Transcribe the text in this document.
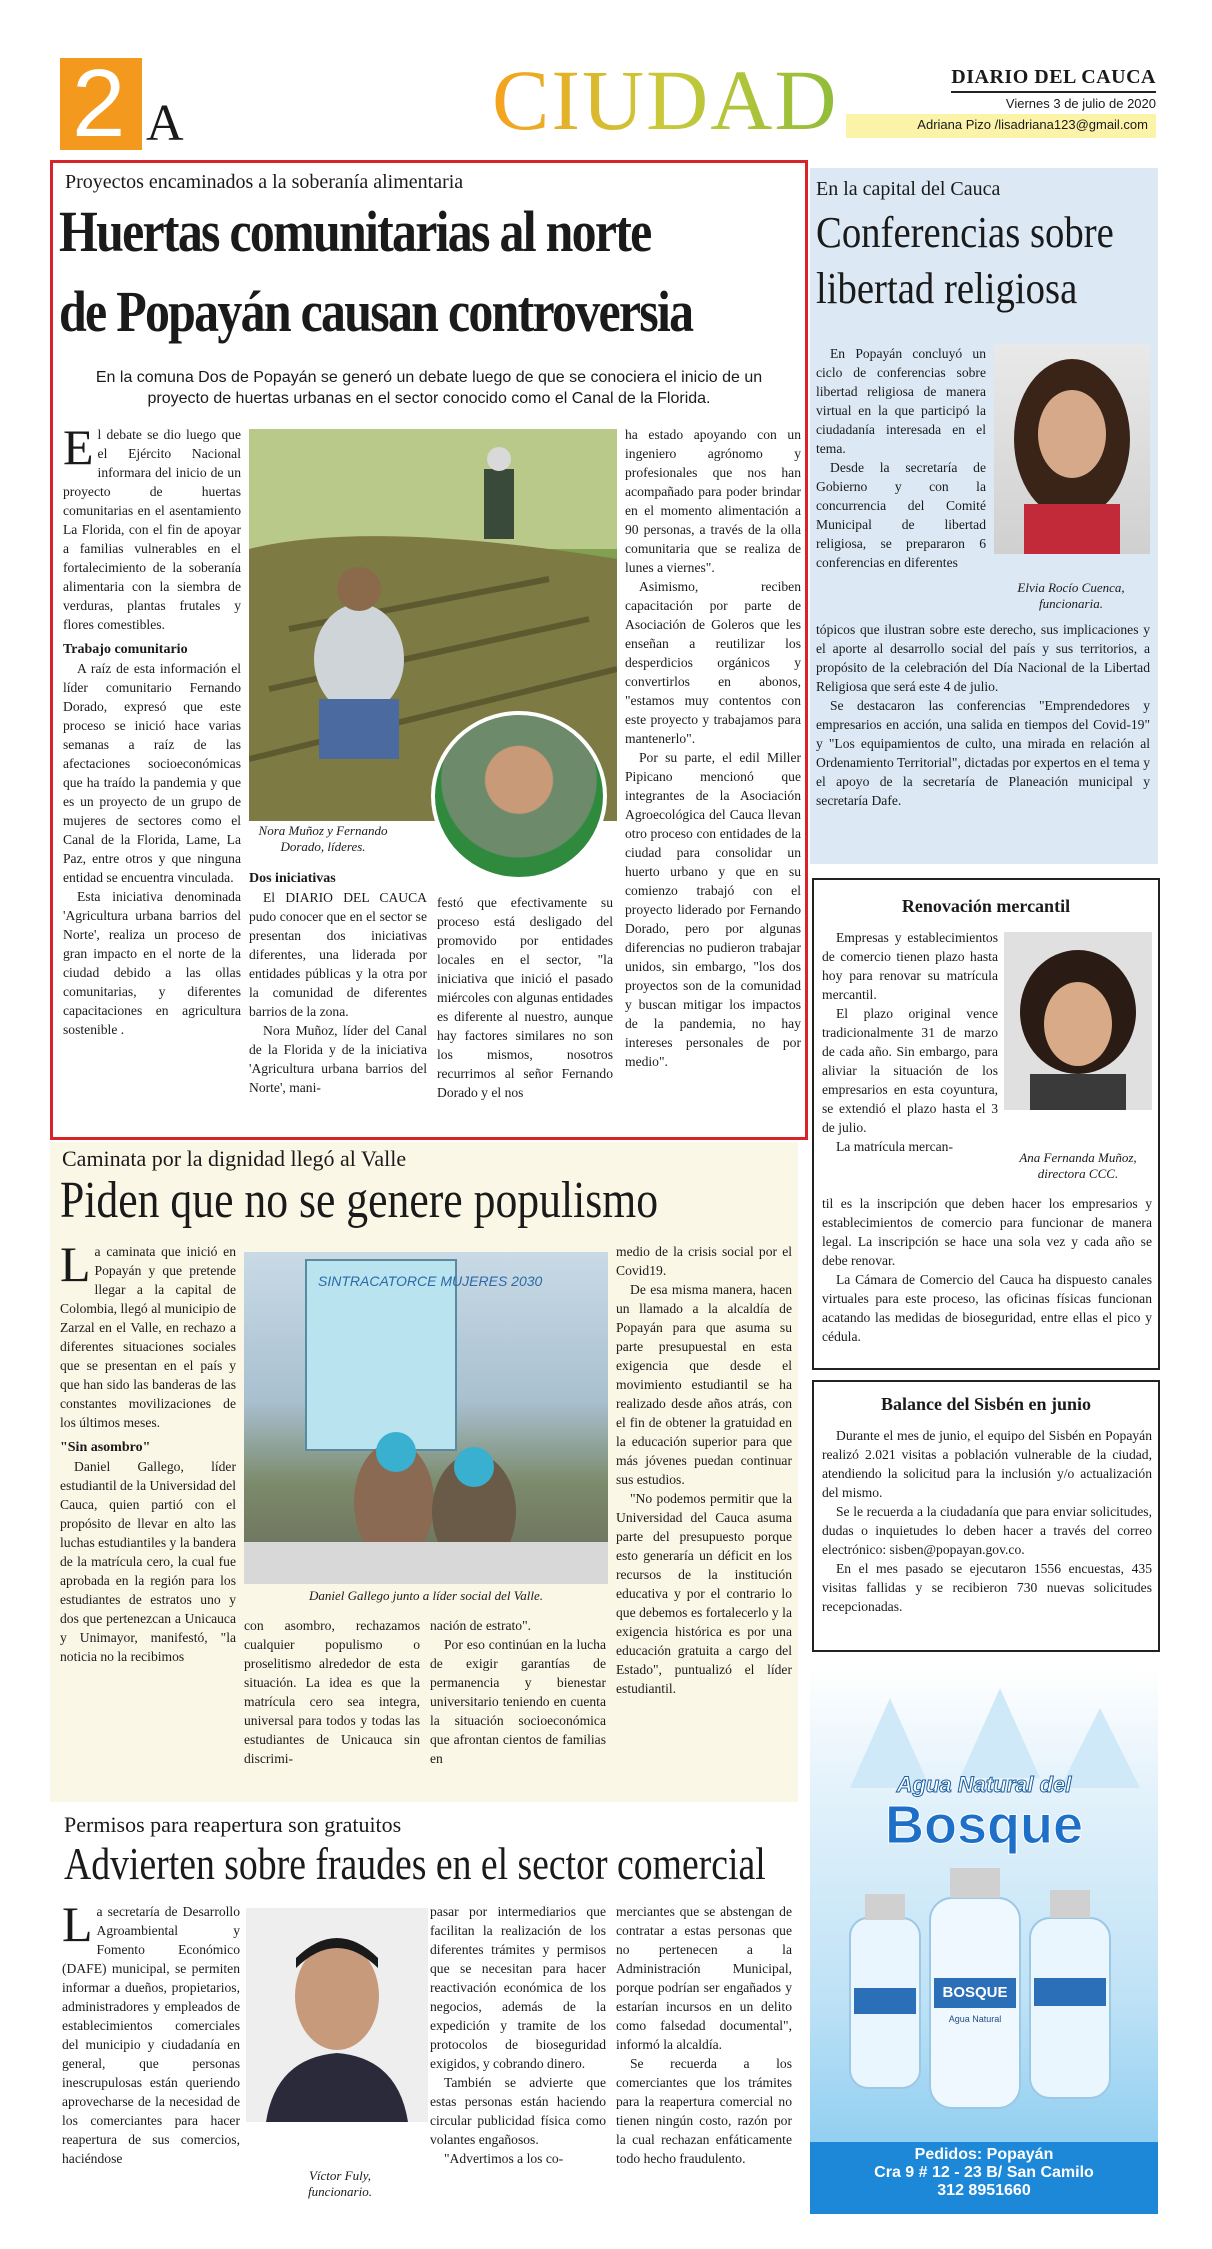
2 A	CIUDAD	DIARIO DEL CAUCA
Viernes 3 de julio de 2020
Adriana Pizo /lisadriana123@gmail.com
Proyectos encaminados a la soberanía alimentaria
Huertas comunitarias al norte
de Popayán causan controversia
En la comuna Dos de Popayán se generó un debate luego de que se conociera el inicio de un proyecto de huertas urbanas en el sector conocido como el Canal de la Florida.
E l debate se dio luego que el Ejército Nacional informara del inicio de un proyecto de huertas comunitarias en el asentamiento La Florida, con el fin de apoyar a familias vulnerables en el fortalecimiento de la soberanía alimentaria con la siembra de verduras, plantas frutales y flores comestibles.
Trabajo comunitario

A raíz de esta información el líder comunitario Fernando Dorado, expresó que este proceso se inició hace varias semanas a raíz de las afectaciones socioeconómicas que ha traído la pandemia y que es un proyecto de un grupo de mujeres de sectores como el Canal de la Florida, Lame, La Paz, entre otros y que ninguna entidad se encuentra vinculada.

Esta iniciativa denominada 'Agricultura urbana barrios del Norte', realiza un proceso de gran impacto en el norte de la ciudad debido a las ollas comunitarias, y diferentes capacitaciones en agricultura sostenible .

Nora Muñoz y Fernando Dorado, líderes.
Dos iniciativas

El DIARIO DEL CAUCA pudo conocer que en el sector se presentan dos iniciativas diferentes, una liderada por entidades públicas y la otra por la comunidad de diferentes barrios de la zona.

Nora Muñoz, líder del Canal de la Florida y de la iniciativa 'Agricultura urbana barrios del Norte', mani-

festó que efectivamente su proceso está desligado del promovido por entidades locales en el sector, "la iniciativa que inició el pasado miércoles con algunas entidades es diferente al nuestro, aunque hay factores similares no son los mismos, nosotros recurrimos al señor Fernando Dorado y el nos

ha estado apoyando con un ingeniero agrónomo y profesionales que nos han acompañado para poder brindar en el momento alimentación a 90 personas, a través de la olla comunitaria que se realiza de lunes a viernes".

Asimismo, reciben capacitación por parte de Asociación de Goleros que les enseñan a reutilizar los desperdicios orgánicos y convertirlos en abonos, "estamos muy contentos con este proyecto y trabajamos para mantenerlo".

Por su parte, el edil Miller Pipicano mencionó que integrantes de la Asociación Agroecológica del Cauca llevan otro proceso con entidades de la ciudad para consolidar un huerto urbano y que en su comienzo trabajó con el proyecto liderado por Fernando Dorado, pero por algunas diferencias no pudieron trabajar unidos, sin embargo, "los dos proyectos son de la comunidad y buscan mitigar los impactos de la pandemia, no hay intereses personales de por medio".

En la capital del Cauca
Conferencias sobre
libertad religiosa

En Popayán concluyó un ciclo de conferencias sobre libertad religiosa de manera virtual en la que participó la ciudadanía interesada en el tema.

Desde la secretaría de Gobierno y con la concurrencia del Comité Municipal de libertad religiosa, se prepararon 6 conferencias en diferentes

Elvia Rocío Cuenca, funcionaria.

tópicos que ilustran sobre este derecho, sus implicaciones y el aporte al desarrollo social del país y sus territorios, a propósito de la celebración del Día Nacional de la Libertad Religiosa que será este 4 de julio.

Se destacaron las conferencias "Emprendedores y empresarios en acción, una salida en tiempos del Covid-19" y "Los equipamientos de culto, una mirada en relación al Ordenamiento Territorial", dictadas por expertos en el tema y el apoyo de la secretaría de Planeación municipal y secretaría Dafe.

Renovación mercantil

Empresas y establecimientos de comercio tienen plazo hasta hoy para renovar su matrícula mercantil.

El plazo original vence tradicionalmente 31 de marzo de cada año. Sin embargo, para aliviar la situación de los empresarios en esta coyuntura, se extendió el plazo hasta el 3 de julio.

La matrícula mercan-

Ana Fernanda Muñoz, directora CCC.

til es la inscripción que deben hacer los empresarios y establecimientos de comercio para funcionar de manera legal. La inscripción se hace una sola vez y cada año se debe renovar.

La Cámara de Comercio del Cauca ha dispuesto canales virtuales para este proceso, las oficinas físicas funcionan acatando las medidas de bioseguridad, entre ellas el pico y cédula.

Caminata por la dignidad llegó al Valle
Piden que no se genere populismo
L a caminata que inició en Popayán y que pretende llegar a la capital de Colombia, llegó al municipio de Zarzal en el Valle, en rechazo a diferentes situaciones sociales que se presentan en el país y que han sido las banderas de las constantes movilizaciones de los últimos meses.
"Sin asombro"

Daniel Gallego, líder estudiantil de la Universidad del Cauca, quien partió con el propósito de llevar en alto las luchas estudiantiles y la bandera de la matrícula cero, la cual fue aprobada en la región para los estudiantes de estratos uno y dos que pertenezcan a Unicauca y Unimayor, manifestó, "la noticia no la recibimos

SINTRACATORCE MUJERES 2030
Daniel Gallego junto a líder social del Valle.

con asombro, rechazamos cualquier populismo o proselitismo alrededor de esta situación. La idea es que la matrícula cero sea integra, universal para todos y todas las estudiantes de Unicauca sin discrimi-

nación de estrato".

Por eso continúan en la lucha de exigir garantías de permanencia y bienestar universitario teniendo en cuenta la situación socioeconómica que afrontan cientos de familias en

medio de la crisis social por el Covid19.

De esa misma manera, hacen un llamado a la alcaldía de Popayán para que asuma su parte presupuestal en esta exigencia que desde el movimiento estudiantil se ha realizado desde años atrás, con el fin de obtener la gratuidad en la educación superior para que más jóvenes puedan continuar sus estudios.

"No podemos permitir que la Universidad del Cauca asuma parte del presupuesto porque esto generaría un déficit en los recursos de la institución educativa y por el contrario lo que debemos es fortalecerlo y la exigencia histórica es por una educación gratuita a cargo del Estado", puntualizó el líder estudiantil.

Balance del Sisbén en junio

Durante el mes de junio, el equipo del Sisbén en Popayán realizó 2.021 visitas a población vulnerable de la ciudad, atendiendo la solicitud para la inclusión y/o actualización del mismo.

Se le recuerda a la ciudadanía que para enviar solicitudes, dudas o inquietudes lo deben hacer a través del correo electrónico: sisben@popayan.gov.co.

En el mes pasado se ejecutaron 1556 encuestas, 435 visitas fallidas y se recibieron 730 nuevas solicitudes recepcionadas.

Permisos para reapertura son gratuitos
Advierten sobre fraudes en el sector comercial
L a secretaría de Desarrollo Agroambiental y Fomento Económico (DAFE) municipal, se permiten informar a dueños, propietarios, administradores y empleados de establecimientos comerciales del municipio y ciudadanía en general, que personas inescrupulosas están queriendo aprovecharse de la necesidad de los comerciantes para hacer reapertura de sus comercios, haciéndose
Víctor Fuly, funcionario.

pasar por intermediarios que facilitan la realización de los diferentes trámites y permisos que se necesitan para hacer reactivación económica de los negocios, además de la expedición y tramite de los protocolos de bioseguridad exigidos, y cobrando dinero.

También se advierte que estas personas están haciendo circular publicidad física como volantes engañosos.

"Advertimos a los co-

merciantes que se abstengan de contratar a estas personas que no pertenecen a la Administración Municipal, porque podrían ser engañados y estarían incursos en un delito como falsedad documental", informó la alcaldía.

Se recuerda a los comerciantes que los trámites para la reapertura comercial no tienen ningún costo, razón por la cual rechazan enfáticamente todo hecho fraudulento.

Agua Natural del
Bosque
BOSQUE
Agua Natural
Pedidos: Popayán
Cra 9 # 12 - 23 B/ San Camilo
312 8951660
